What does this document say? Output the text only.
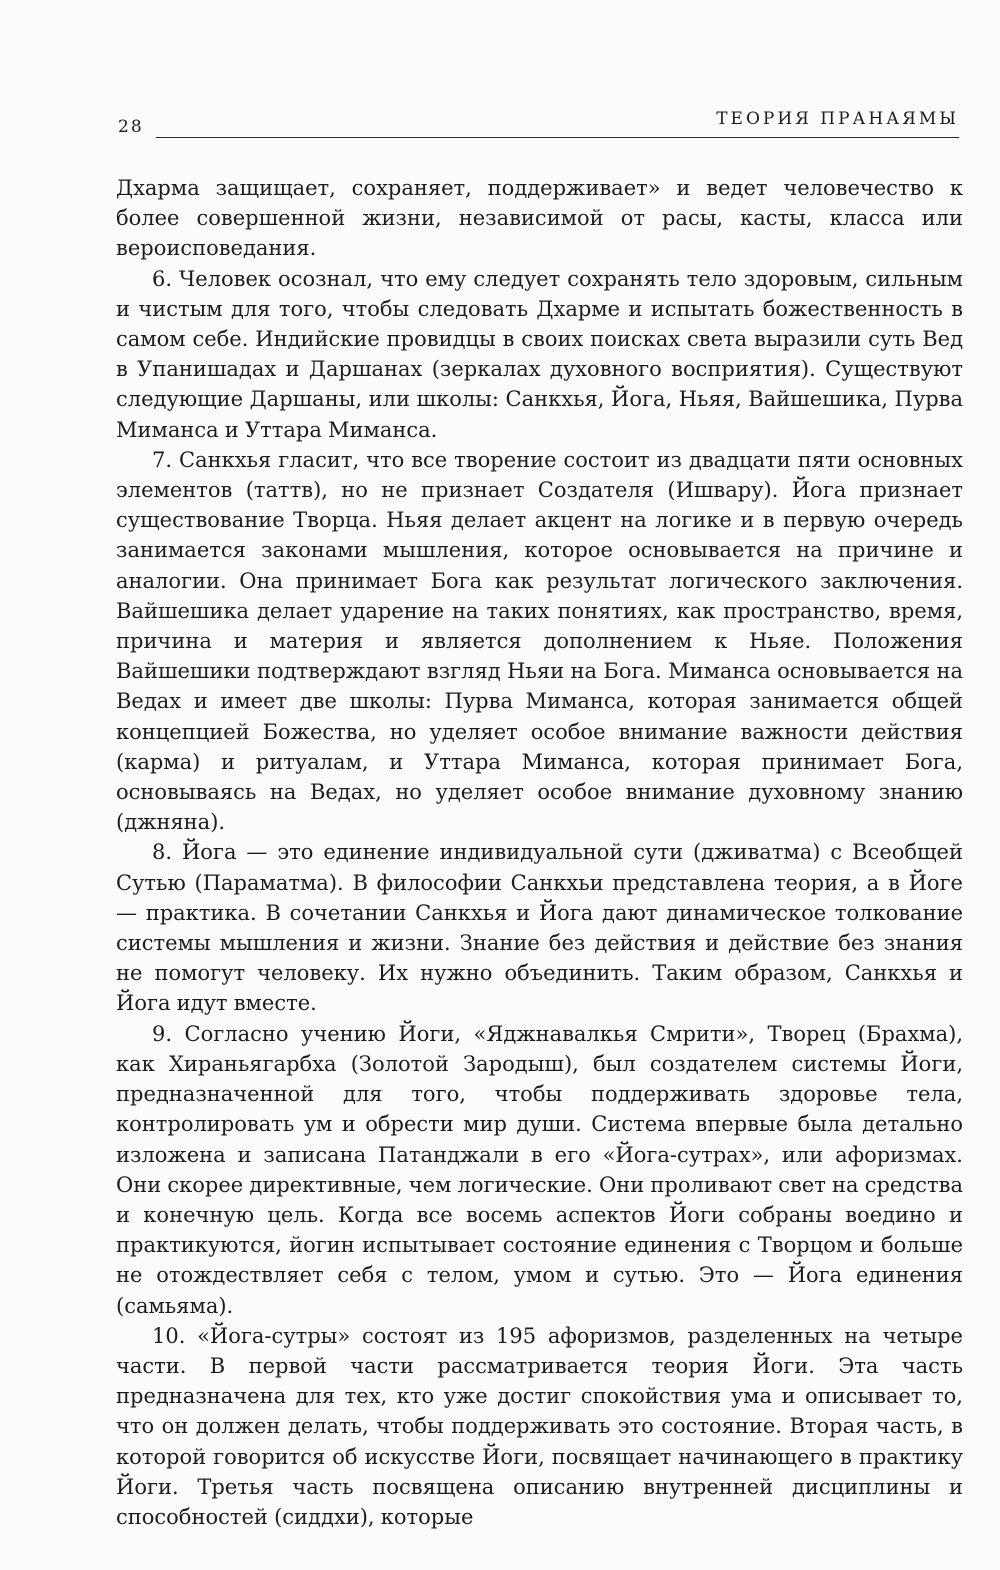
28	ТЕОРИЯ ПРАНАЯМЫ

Дхарма защищает, сохраняет, поддерживает» и ведет человечество к более совершенной жизни, независимой от расы, касты, класса или вероисповедания.

6. Человек осознал, что ему следует сохранять тело здоровым, сильным и чистым для того, чтобы следовать Дхарме и испытать божественность в самом себе. Индийские провидцы в своих поисках света выразили суть Вед в Упанишадах и Даршанах (зеркалах духовного восприятия). Существуют следующие Даршаны, или школы: Санкхья, Йога, Ньяя, Вайшешика, Пурва Миманса и Уттара Миманса.

7. Санкхья гласит, что все творение состоит из двадцати пяти основных элементов (таттв), но не признает Создателя (Ишвару). Йога признает существование Творца. Ньяя делает акцент на логике и в первую очередь занимается законами мышления, которое основывается на причине и аналогии. Она принимает Бога как результат логического заключения. Вайшешика делает ударение на таких понятиях, как пространство, время, причина и материя и является дополнением к Ньяе. Положения Вайшешики подтверждают взгляд Ньяи на Бога. Миманса основывается на Ведах и имеет две школы: Пурва Миманса, которая занимается общей концепцией Божества, но уделяет особое внимание важности действия (карма) и ритуалам, и Уттара Миманса, которая принимает Бога, основываясь на Ведах, но уделяет особое внимание духовному знанию (джняна).

8. Йога — это единение индивидуальной сути (дживатма) с Всеобщей Сутью (Параматма). В философии Санкхьи представлена теория, а в Йоге — практика. В сочетании Санкхья и Йога дают динамическое толкование системы мышления и жизни. Знание без действия и действие без знания не помогут человеку. Их нужно объединить. Таким образом, Санкхья и Йога идут вместе.

9. Согласно учению Йоги, «Яджнавалкья Смрити», Творец (Брахма), как Хираньягарбха (Золотой Зародыш), был создателем системы Йоги, предназначенной для того, чтобы поддерживать здоровье тела, контролировать ум и обрести мир души. Система впервые была детально изложена и записана Патанджали в его «Йога-сутрах», или афоризмах. Они скорее директивные, чем логические. Они проливают свет на средства и конечную цель. Когда все восемь аспектов Йоги собраны воедино и практикуются, йогин испытывает состояние единения с Творцом и больше не отождествляет себя с телом, умом и сутью. Это — Йога единения (самьяма).

10. «Йога-сутры» состоят из 195 афоризмов, разделенных на четыре части. В первой части рассматривается теория Йоги. Эта часть предназначена для тех, кто уже достиг спокойствия ума и описывает то, что он должен делать, чтобы поддерживать это состояние. Вторая часть, в которой говорится об искусстве Йоги, посвящает начинающего в практику Йоги. Третья часть посвящена описанию внутренней дисциплины и способностей (сиддхи), которые
